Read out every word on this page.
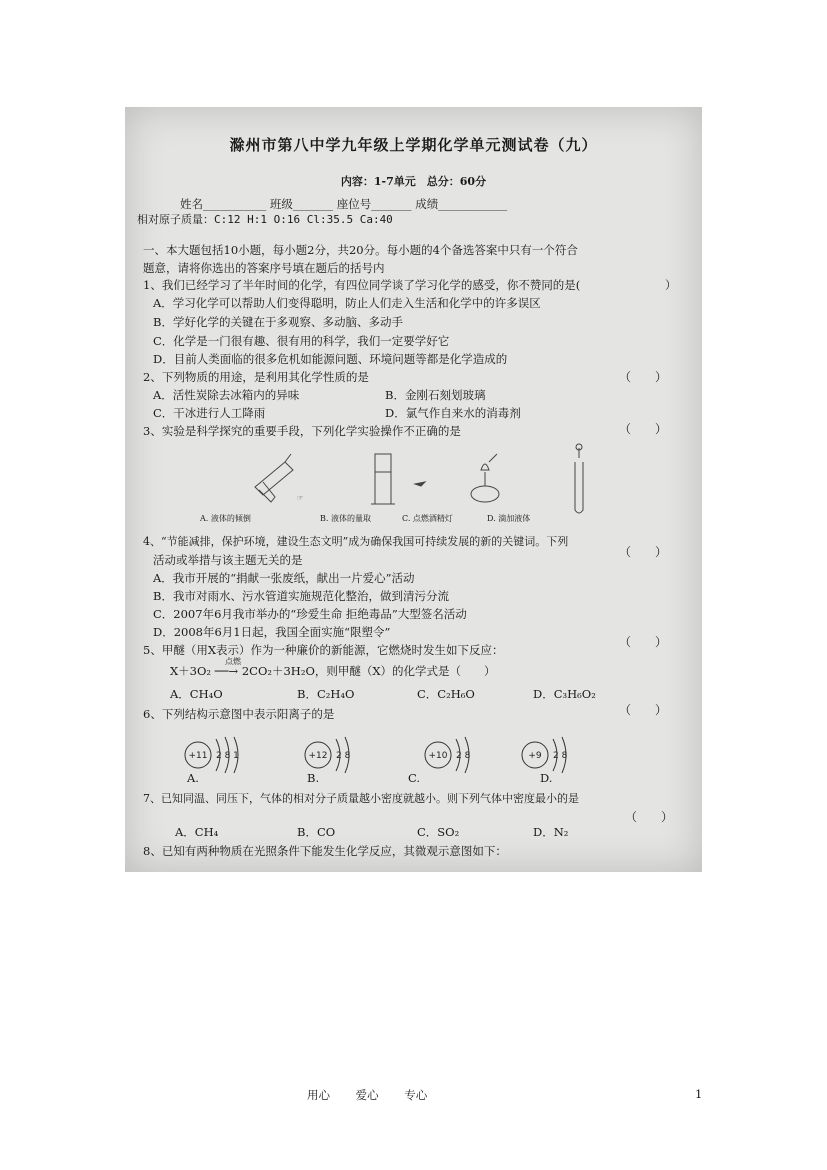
滁州市第八中学九年级上学期化学单元测试卷（九）
内容：1-7单元　总分：60分
姓名___________ 班级_______ 座位号_______ 成绩____________
相对原子质量：C:12 H:1 O:16 Cl:35.5 Ca:40
一、本大题包括10小题，每小题2分，共20分。每小题的4个备选答案中只有一个符合
题意，请将你选出的答案序号填在题后的括号内
1、我们已经学习了半年时间的化学，有四位同学谈了学习化学的感受，你不赞同的是(	）
A．学习化学可以帮助人们变得聪明，防止人们走入生活和化学中的许多误区
B．学好化学的关键在于多观察、多动脑、多动手
C．化学是一门很有趣、很有用的科学，我们一定要学好它
D．目前人类面临的很多危机如能源问题、环境问题等都是化学造成的
2、下列物质的用途，是利用其化学性质的是	（　　）
A．活性炭除去冰箱内的异味	B．金刚石刻划玻璃
C．干冰进行人工降雨	D．氯气作自来水的消毒剂
3、实验是科学探究的重要手段，下列化学实验操作不正确的是	（　　）
☞
A. 液体的倾倒	B. 液体的量取	C. 点燃酒精灯	D. 滴加液体
4、“节能减排，保护环境，建设生态文明”成为确保我国可持续发展的新的关键词。下列
活动或举措与该主题无关的是
（　　）
A．我市开展的“捐献一张废纸，献出一片爱心”活动
B．我市对雨水、污水管道实施规范化整治，做到清污分流
C．2007年6月我市举办的“珍爱生命 拒绝毒品”大型签名活动
D．2008年6月1日起，我国全面实施“限塑令”
5、甲醚（用X表示）作为一种廉价的新能源，它燃烧时发生如下反应：
（　　）
点燃
X＋3O₂ ──→ 2CO₂＋3H₂O，则甲醚（X）的化学式是（　　）
A．CH₄O	B．C₂H₄O	C．C₂H₆O	D．C₃H₆O₂
6、下列结构示意图中表示阳离子的是	（　　）
+11 2 8 1	+12 2 8	+10 2 8	+9 2 8
A.	B.	C.	D.
7、已知同温、同压下，气体的相对分子质量越小密度就越小。则下列气体中密度最小的是
（　　）
A．CH₄	B．CO	C．SO₂	D．N₂
8、已知有两种物质在光照条件下能发生化学反应，其微观示意图如下：
用心 爱心 专心	1
